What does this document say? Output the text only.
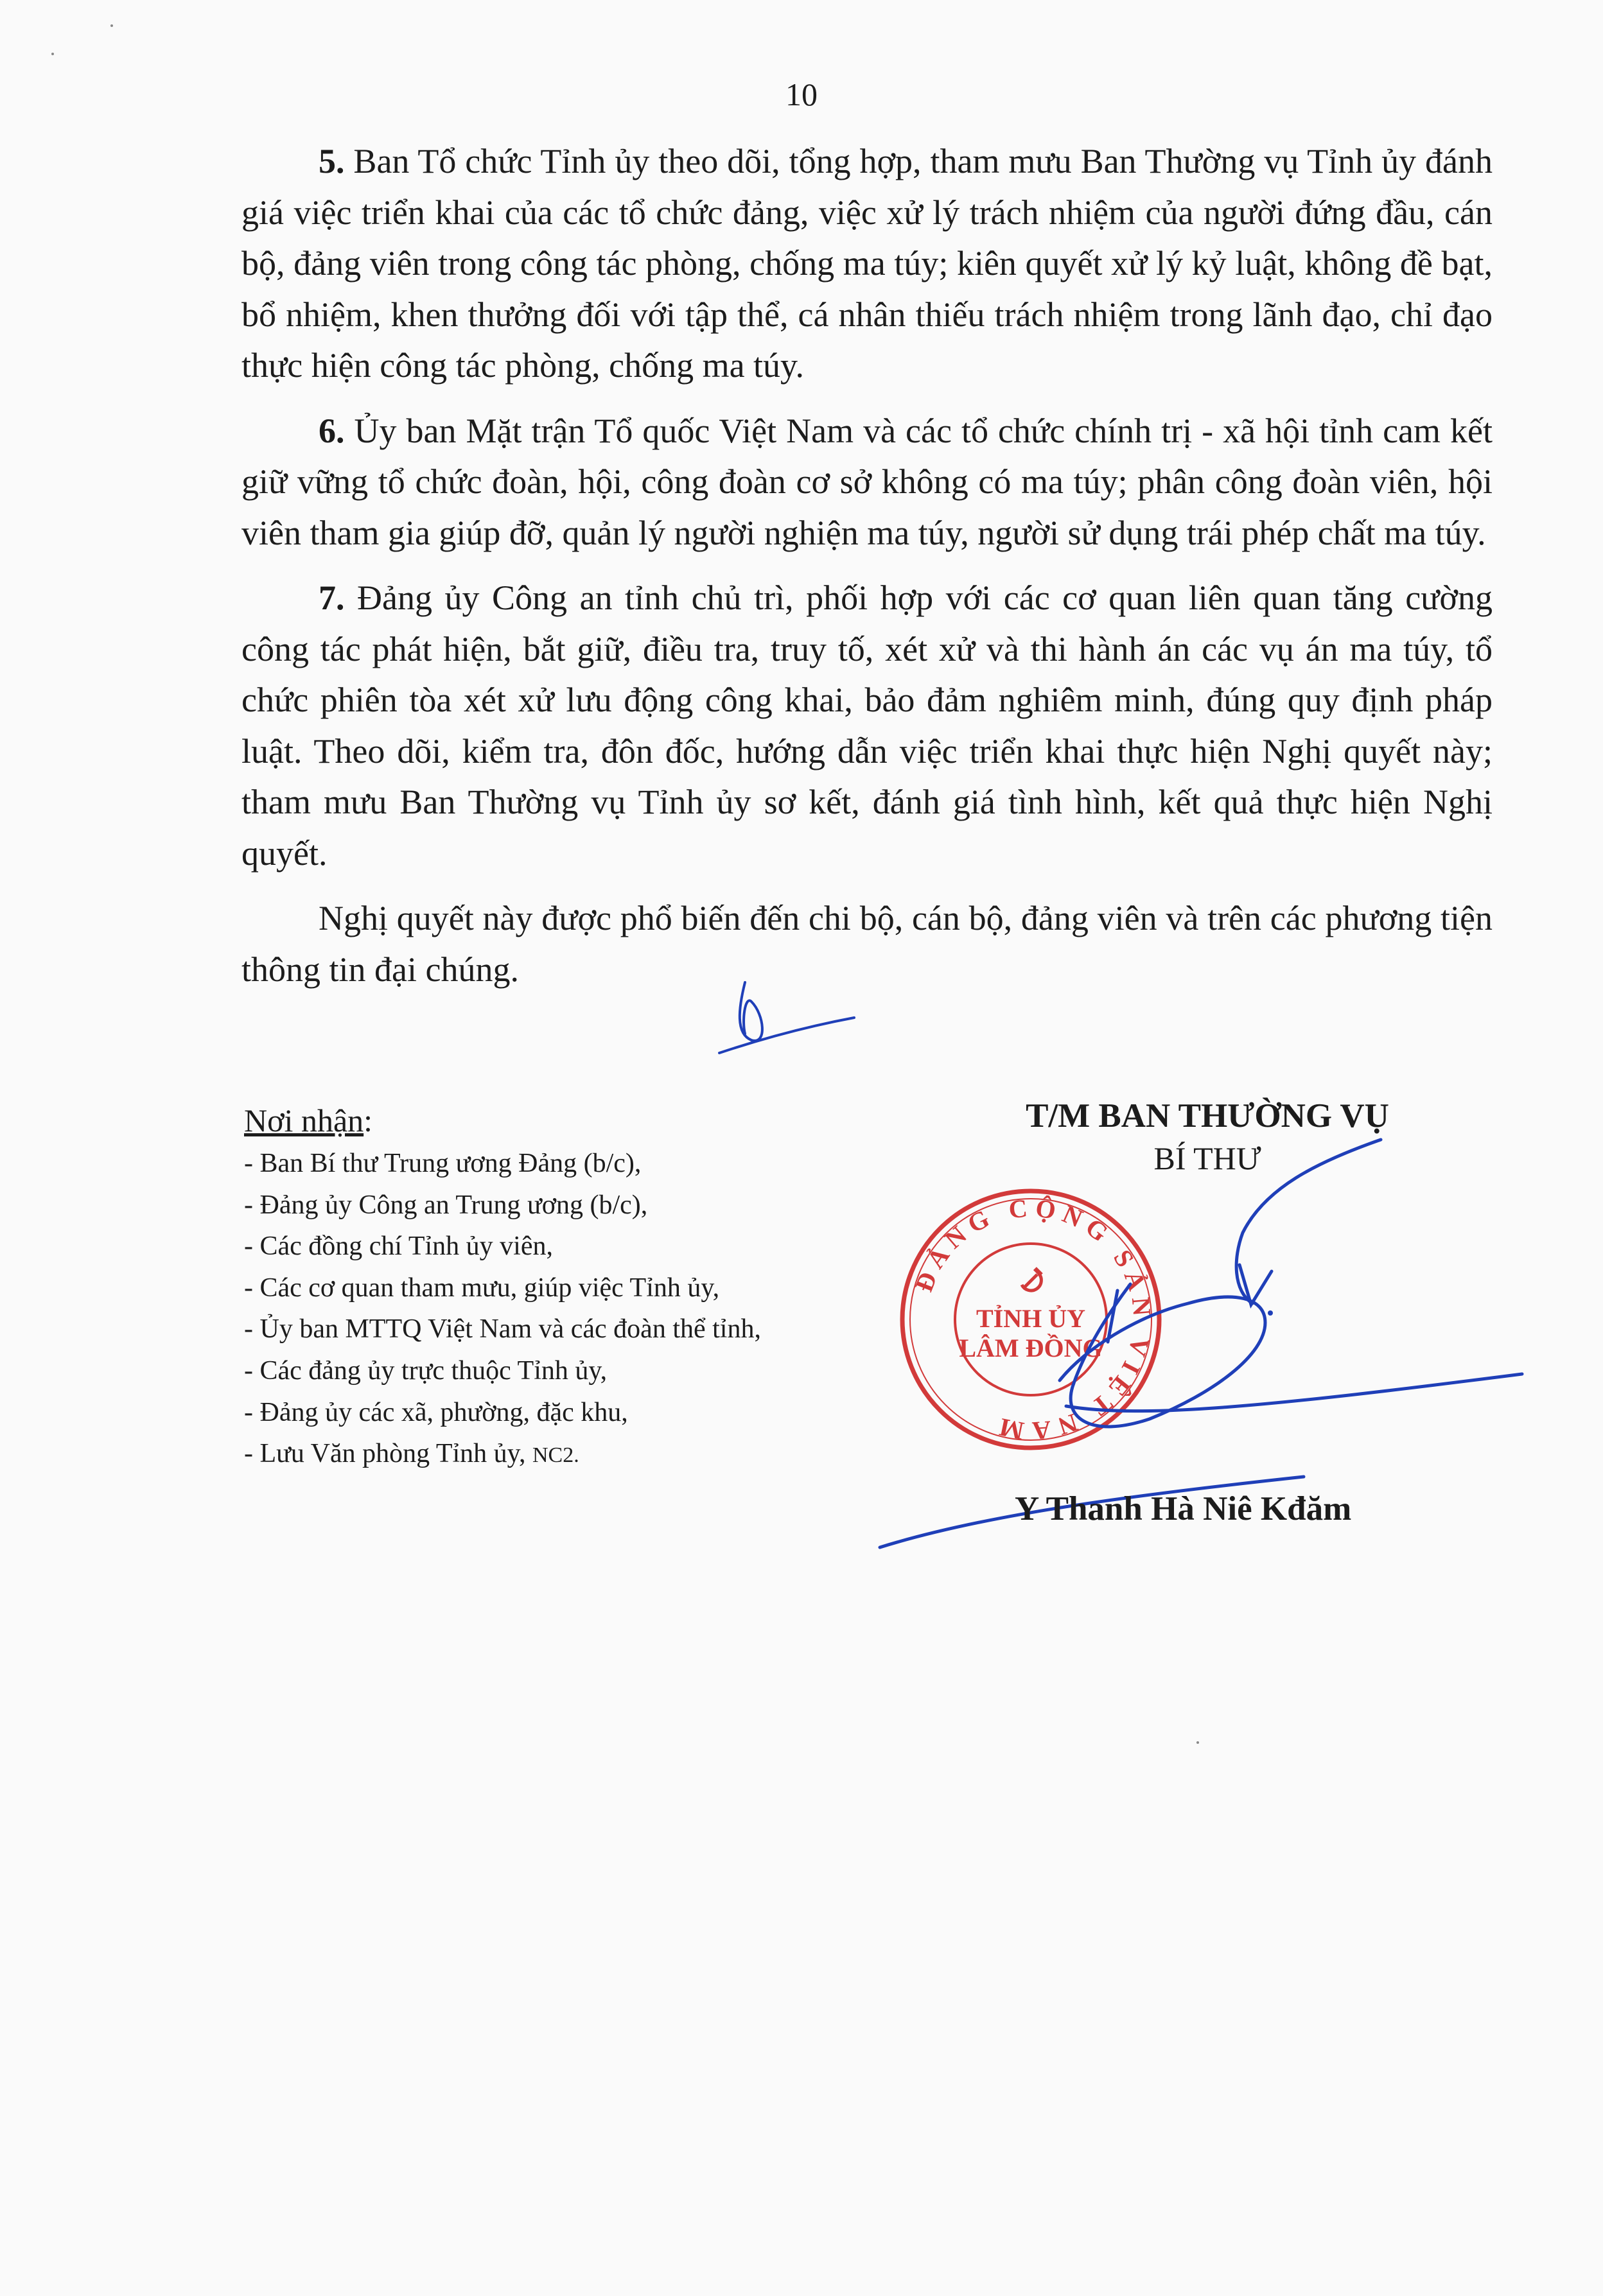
10

5. Ban Tổ chức Tỉnh ủy theo dõi, tổng hợp, tham mưu Ban Thường vụ Tỉnh ủy đánh giá việc triển khai của các tổ chức đảng, việc xử lý trách nhiệm của người đứng đầu, cán bộ, đảng viên trong công tác phòng, chống ma túy; kiên quyết xử lý kỷ luật, không đề bạt, bổ nhiệm, khen thưởng đối với tập thể, cá nhân thiếu trách nhiệm trong lãnh đạo, chỉ đạo thực hiện công tác phòng, chống ma túy.

6. Ủy ban Mặt trận Tổ quốc Việt Nam và các tổ chức chính trị - xã hội tỉnh cam kết giữ vững tổ chức đoàn, hội, công đoàn cơ sở không có ma túy; phân công đoàn viên, hội viên tham gia giúp đỡ, quản lý người nghiện ma túy, người sử dụng trái phép chất ma túy.

7. Đảng ủy Công an tỉnh chủ trì, phối hợp với các cơ quan liên quan tăng cường công tác phát hiện, bắt giữ, điều tra, truy tố, xét xử và thi hành án các vụ án ma túy, tổ chức phiên tòa xét xử lưu động công khai, bảo đảm nghiêm minh, đúng quy định pháp luật. Theo dõi, kiểm tra, đôn đốc, hướng dẫn việc triển khai thực hiện Nghị quyết này; tham mưu Ban Thường vụ Tỉnh ủy sơ kết, đánh giá tình hình, kết quả thực hiện Nghị quyết.

Nghị quyết này được phổ biến đến chi bộ, cán bộ, đảng viên và trên các phương tiện thông tin đại chúng.

Nơi nhận:
- Ban Bí thư Trung ương Đảng (b/c),
- Đảng ủy Công an Trung ương (b/c),
- Các đồng chí Tỉnh ủy viên,
- Các cơ quan tham mưu, giúp việc Tỉnh ủy,
- Ủy ban MTTQ Việt Nam và các đoàn thể tỉnh,
- Các đảng ủy trực thuộc Tỉnh ủy,
- Đảng ủy các xã, phường, đặc khu,
- Lưu Văn phòng Tỉnh ủy, NC2.
T/M BAN THƯỜNG VỤ
BÍ THƯ
ĐẢNG CỘNG SẢN VIỆT NAM
TỈNH ỦY
LÂM ĐỒNG
Y Thanh Hà Niê Kđăm
